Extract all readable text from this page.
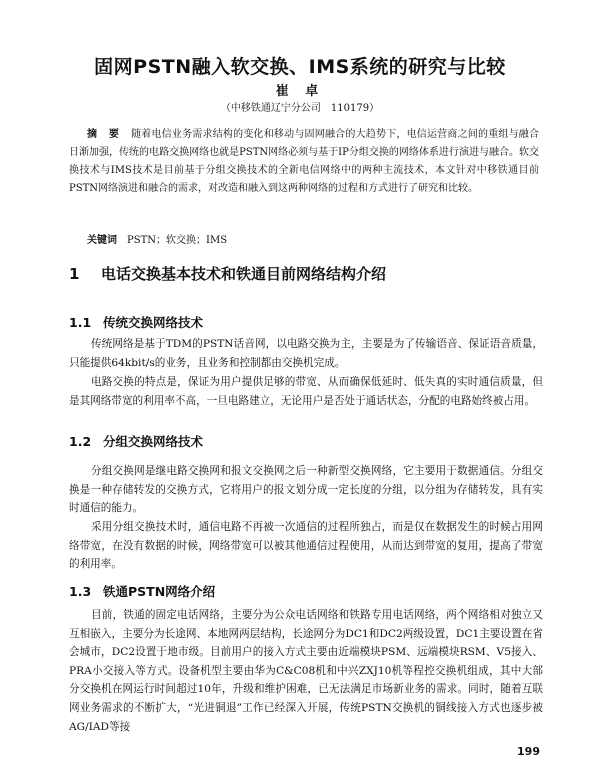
固网PSTN融入软交换、IMS系统的研究与比较
崔 卓
（中移铁通辽宁分公司　110179）
摘 要 随着电信业务需求结构的变化和移动与固网融合的大趋势下，电信运营商之间的重组与融合日渐加强，传统的电路交换网络也就是PSTN网络必须与基于IP分组交换的网络体系进行演进与融合。软交换技术与IMS技术是目前基于分组交换技术的全新电信网络中的两种主流技术，本文针对中移铁通目前PSTN网络演进和融合的需求，对改造和融入到这两种网络的过程和方式进行了研究和比较。
关键词 PSTN；软交换；IMS
1 电话交换基本技术和铁通目前网络结构介绍
1.1 传统交换网络技术
传统网络是基于TDM的PSTN话音网，以电路交换为主，主要是为了传输语音、保证语音质量，只能提供64kbit/s的业务，且业务和控制都由交换机完成。
电路交换的特点是，保证为用户提供足够的带宽、从而确保低延时、低失真的实时通信质量，但是其网络带宽的利用率不高，一旦电路建立，无论用户是否处于通话状态，分配的电路始终被占用。
1.2 分组交换网络技术
分组交换网是继电路交换网和报文交换网之后一种新型交换网络，它主要用于数据通信。分组交换是一种存储转发的交换方式，它将用户的报文划分成一定长度的分组，以分组为存储转发，具有实时通信的能力。
采用分组交换技术时，通信电路不再被一次通信的过程所独占，而是仅在数据发生的时候占用网络带宽，在没有数据的时候，网络带宽可以被其他通信过程使用，从而达到带宽的复用，提高了带宽的利用率。
1.3 铁通PSTN网络介绍
目前，铁通的固定电话网络，主要分为公众电话网络和铁路专用电话网络，两个网络相对独立又互相嵌入，主要分为长途网、本地网两层结构，长途网分为DC1和DC2两级设置，DC1主要设置在省会城市，DC2设置于地市级。目前用户的接入方式主要由近端模块PSM、远端模块RSM、V5接入、PRA小交接入等方式。设备机型主要由华为C&C08机和中兴ZXJ10机等程控交换机组成，其中大部分交换机在网运行时间超过10年，升级和维护困难，已无法满足市场新业务的需求。同时，随着互联网业务需求的不断扩大，“光进铜退”工作已经深入开展，传统PSTN交换机的铜线接入方式也逐步被AG/IAD等接
199
